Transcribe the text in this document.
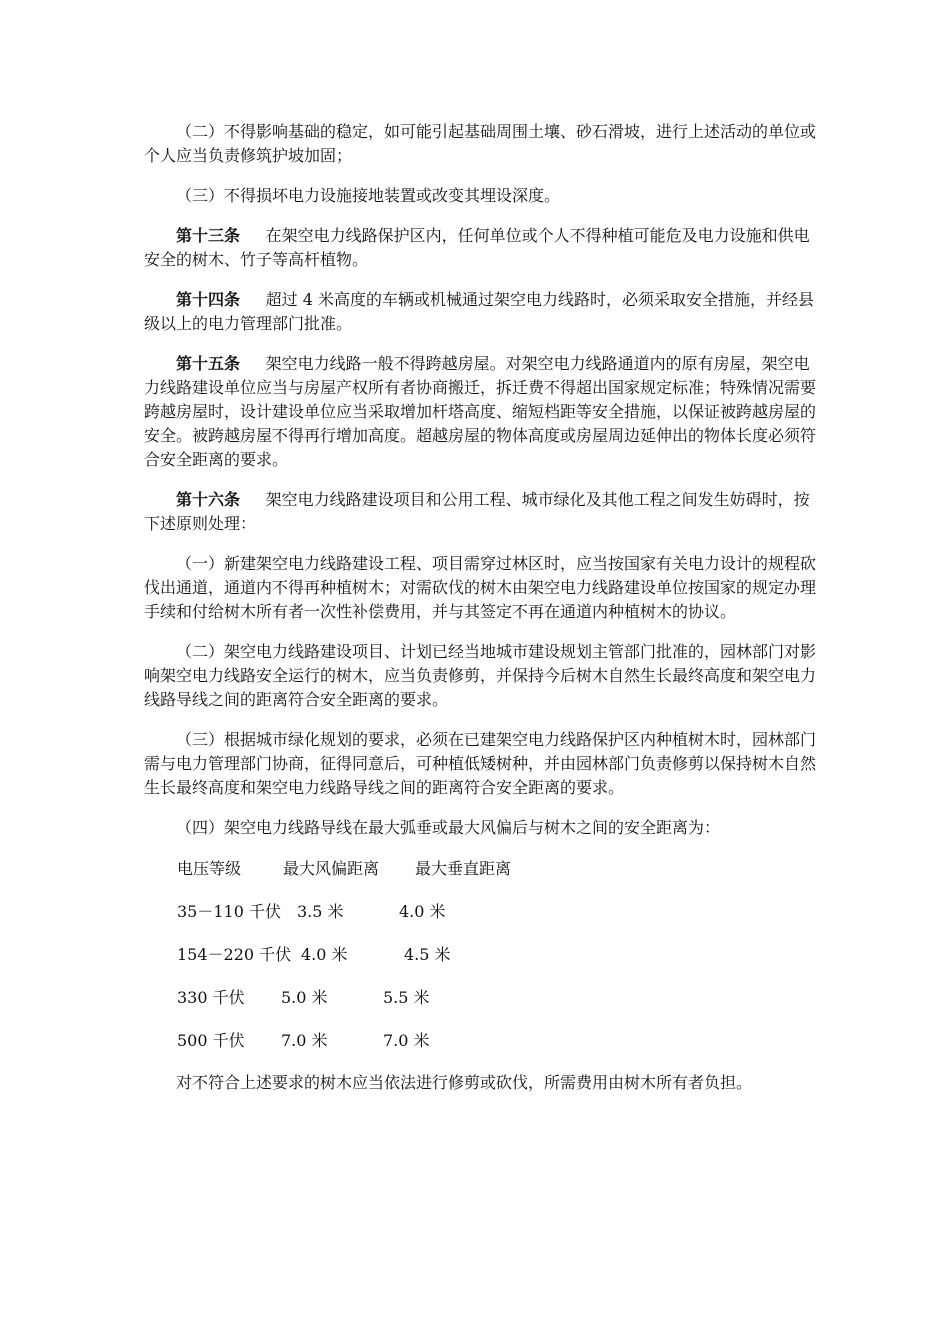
（二）不得影响基础的稳定，如可能引起基础周围土壤、砂石滑坡，进行上述活动的单位或个人应当负责修筑护坡加固；

（三）不得损坏电力设施接地装置或改变其埋设深度。

第十三条 在架空电力线路保护区内，任何单位或个人不得种植可能危及电力设施和供电安全的树木、竹子等高杆植物。

第十四条 超过 4 米高度的车辆或机械通过架空电力线路时，必须采取安全措施，并经县级以上的电力管理部门批准。

第十五条 架空电力线路一般不得跨越房屋。对架空电力线路通道内的原有房屋，架空电力线路建设单位应当与房屋产权所有者协商搬迁，拆迁费不得超出国家规定标准；特殊情况需要跨越房屋时，设计建设单位应当采取增加杆塔高度、缩短档距等安全措施，以保证被跨越房屋的安全。被跨越房屋不得再行增加高度。超越房屋的物体高度或房屋周边延伸出的物体长度必须符合安全距离的要求。

第十六条 架空电力线路建设项目和公用工程、城市绿化及其他工程之间发生妨碍时，按下述原则处理：

（一）新建架空电力线路建设工程、项目需穿过林区时，应当按国家有关电力设计的规程砍伐出通道，通道内不得再种植树木；对需砍伐的树木由架空电力线路建设单位按国家的规定办理手续和付给树木所有者一次性补偿费用，并与其签定不再在通道内种植树木的协议。

（二）架空电力线路建设项目、计划已经当地城市建设规划主管部门批准的，园林部门对影响架空电力线路安全运行的树木，应当负责修剪，并保持今后树木自然生长最终高度和架空电力线路导线之间的距离符合安全距离的要求。

（三）根据城市绿化规划的要求，必须在已建架空电力线路保护区内种植树木时，园林部门需与电力管理部门协商，征得同意后，可种植低矮树种，并由园林部门负责修剪以保持树木自然生长最终高度和架空电力线路导线之间的距离符合安全距离的要求。

（四）架空电力线路导线在最大弧垂或最大风偏后与树木之间的安全距离为：

电压等级	最大风偏距离 最大垂直距离
35－110 千伏 3.5 米	4.0 米
154－220 千伏 4.0 米	4.5 米
330 千伏 5.0 米	5.5 米
500 千伏 7.0 米	7.0 米

对不符合上述要求的树木应当依法进行修剪或砍伐，所需费用由树木所有者负担。
